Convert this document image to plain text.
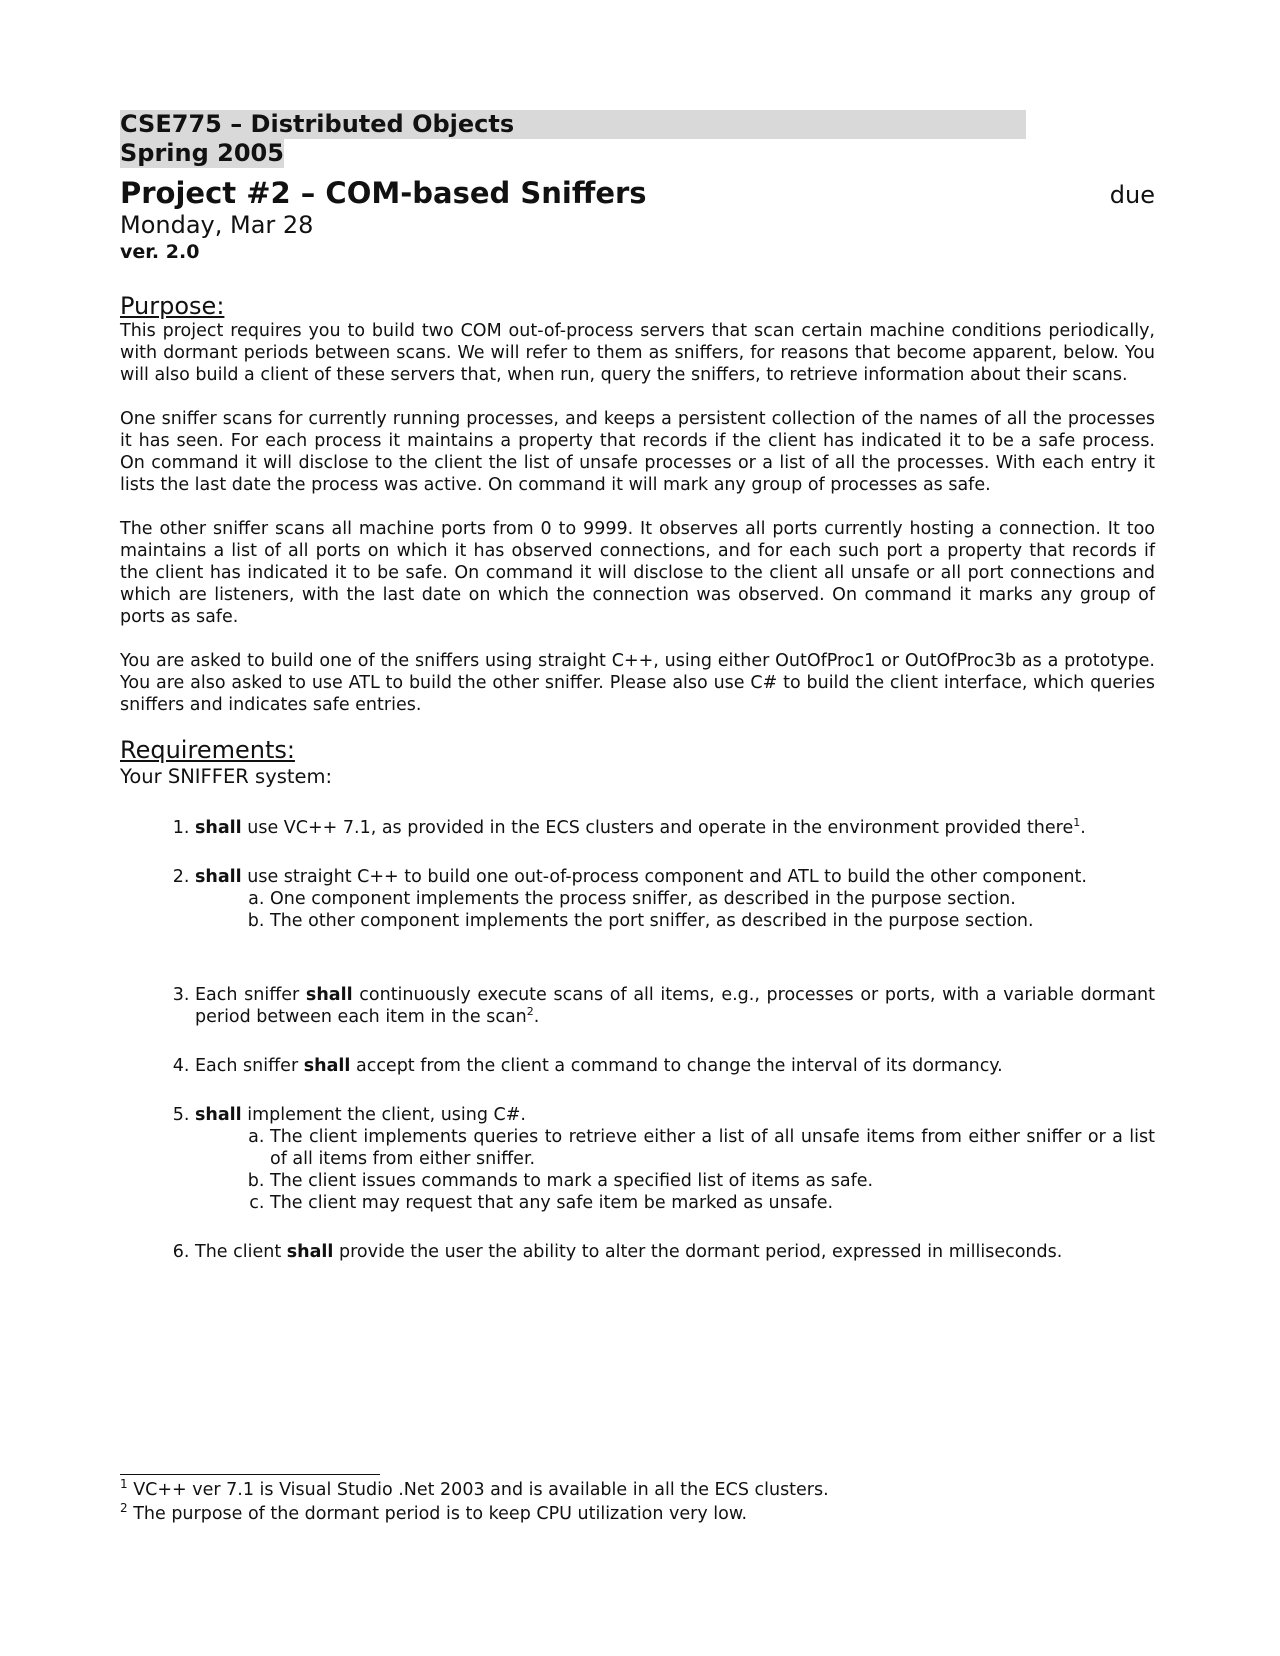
CSE775 – Distributed Objects
Spring 2005
Project #2 – COM-based Sniffers	due
Monday, Mar 28
ver. 2.0
Purpose:

This project requires you to build two COM out-of-process servers that scan certain machine conditions periodically, with dormant periods between scans. We will refer to them as sniffers, for reasons that become apparent, below. You will also build a client of these servers that, when run, query the sniffers, to retrieve information about their scans.

One sniffer scans for currently running processes, and keeps a persistent collection of the names of all the processes it has seen. For each process it maintains a property that records if the client has indicated it to be a safe process. On command it will disclose to the client the list of unsafe processes or a list of all the processes. With each entry it lists the last date the process was active. On command it will mark any group of processes as safe.

The other sniffer scans all machine ports from 0 to 9999. It observes all ports currently hosting a connection. It too maintains a list of all ports on which it has observed connections, and for each such port a property that records if the client has indicated it to be safe. On command it will disclose to the client all unsafe or all port connections and which are listeners, with the last date on which the connection was observed. On command it marks any group of ports as safe.

You are asked to build one of the sniffers using straight C++, using either OutOfProc1 or OutOfProc3b as a prototype. You are also asked to use ATL to build the other sniffer. Please also use C# to build the client interface, which queries sniffers and indicates safe entries.

Requirements:
Your SNIFFER system:
1. shall use VC++ 7.1, as provided in the ECS clusters and operate in the environment provided there$^1$.
2. shall use straight C++ to build one out-of-process component and ATL to build the other component.
a. One component implements the process sniffer, as described in the purpose section.
b. The other component implements the port sniffer, as described in the purpose section.
3. Each sniffer shall continuously execute scans of all items, e.g., processes or ports, with a variable dormant period between each item in the scan$^2$.
4. Each sniffer shall accept from the client a command to change the interval of its dormancy.
5. shall implement the client, using C#.
a. The client implements queries to retrieve either a list of all unsafe items from either sniffer or a list of all items from either sniffer.
b. The client issues commands to mark a specified list of items as safe.
c. The client may request that any safe item be marked as unsafe.
6. The client shall provide the user the ability to alter the dormant period, expressed in milliseconds.
$^1$ VC++ ver 7.1 is Visual Studio .Net 2003 and is available in all the ECS clusters.
$^2$ The purpose of the dormant period is to keep CPU utilization very low.
